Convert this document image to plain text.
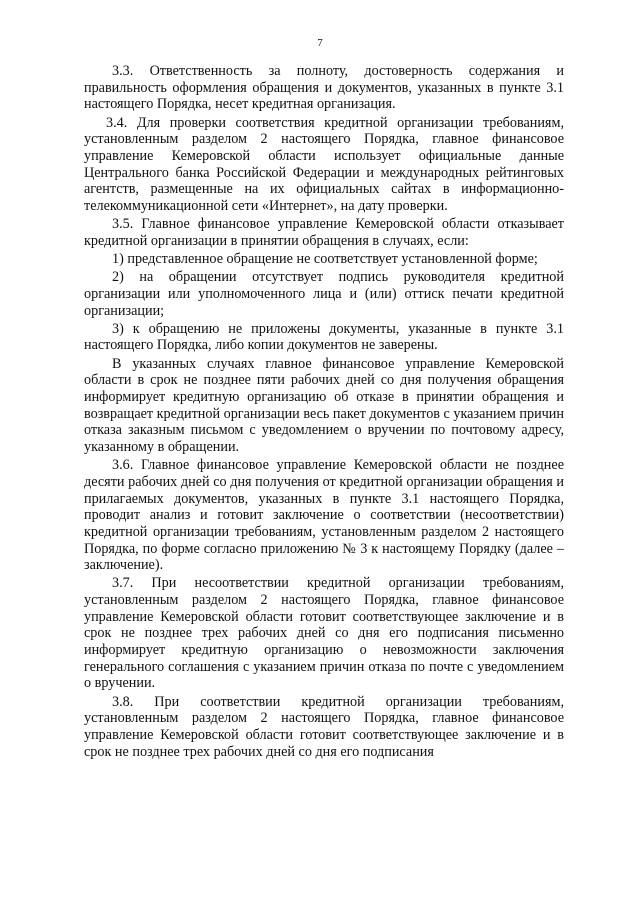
7

3.3. Ответственность за полноту, достоверность содержания и правильность оформления обращения и документов, указанных в пункте 3.1 настоящего Порядка, несет кредитная организация.

3.4. Для проверки соответствия кредитной организации требованиям, установленным разделом 2 настоящего Порядка, главное финансовое управление Кемеровской области использует официальные данные Центрального банка Российской Федерации и международных рейтинговых агентств, размещенные на их официальных сайтах в информационно-телекоммуникационной сети «Интернет», на дату проверки.

3.5. Главное финансовое управление Кемеровской области отказывает кредитной организации в принятии обращения в случаях, если:

1) представленное обращение не соответствует установленной форме;

2) на обращении отсутствует подпись руководителя кредитной организации или уполномоченного лица и (или) оттиск печати кредитной организации;

3) к обращению не приложены документы, указанные в пункте 3.1 настоящего Порядка, либо копии документов не заверены.

В указанных случаях главное финансовое управление Кемеровской области в срок не позднее пяти рабочих дней со дня получения обращения информирует кредитную организацию об отказе в принятии обращения и возвращает кредитной организации весь пакет документов с указанием причин отказа заказным письмом с уведомлением о вручении по почтовому адресу, указанному в обращении.

3.6. Главное финансовое управление Кемеровской области не позднее десяти рабочих дней со дня получения от кредитной организации обращения и прилагаемых документов, указанных в пункте 3.1 настоящего Порядка, проводит анализ и готовит заключение о соответствии (несоответствии) кредитной организации требованиям, установленным разделом 2 настоящего Порядка, по форме согласно приложению № 3 к настоящему Порядку (далее – заключение).

3.7. При несоответствии кредитной организации требованиям, установленным разделом 2 настоящего Порядка, главное финансовое управление Кемеровской области готовит соответствующее заключение и в срок не позднее трех рабочих дней со дня его подписания письменно информирует кредитную организацию о невозможности заключения генерального соглашения с указанием причин отказа по почте с уведомлением о вручении.

3.8. При соответствии кредитной организации требованиям, установленным разделом 2 настоящего Порядка, главное финансовое управление Кемеровской области готовит соответствующее заключение и в срок не позднее трех рабочих дней со дня его подписания
